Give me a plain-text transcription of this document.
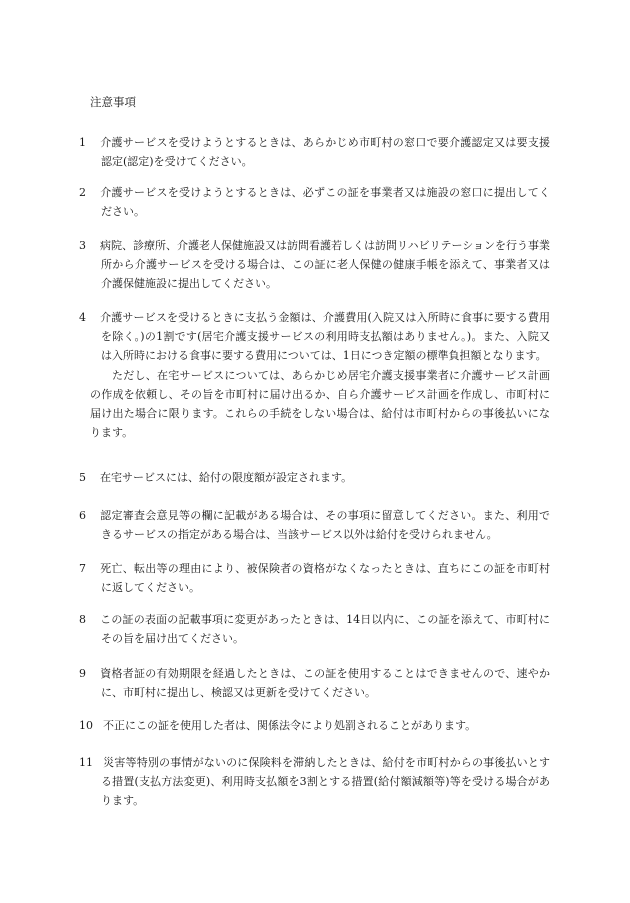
注意事項

1 介護サービスを受けようとするときは、あらかじめ市町村の窓口で要介護認定又は要支援認定(認定)を受けてください。

2 介護サービスを受けようとするときは、必ずこの証を事業者又は施設の窓口に提出してください。

3 病院、診療所、介護老人保健施設又は訪問看護若しくは訪問リハビリテーションを行う事業所から介護サービスを受ける場合は、この証に老人保健の健康手帳を添えて、事業者又は介護保健施設に提出してください。

4 介護サービスを受けるときに支払う金額は、介護費用(入院又は入所時に食事に要する費用を除く。)の1割です(居宅介護支援サービスの利用時支払額はありません。)。また、入院又は入所時における食事に要する費用については、1日につき定額の標準負担額となります。

ただし、在宅サービスについては、あらかじめ居宅介護支援事業者に介護サービス計画の作成を依頼し、その旨を市町村に届け出るか、自ら介護サービス計画を作成し、市町村に届け出た場合に限ります。これらの手続をしない場合は、給付は市町村からの事後払いになります。

5 在宅サービスには、給付の限度額が設定されます。

6 認定審査会意見等の欄に記載がある場合は、その事項に留意してください。また、利用できるサービスの指定がある場合は、当該サービス以外は給付を受けられません。

7 死亡、転出等の理由により、被保険者の資格がなくなったときは、直ちにこの証を市町村に返してください。

8 この証の表面の記載事項に変更があったときは、14日以内に、この証を添えて、市町村にその旨を届け出てください。

9 資格者証の有効期限を経過したときは、この証を使用することはできませんので、速やかに、市町村に提出し、検認又は更新を受けてください。

10 不正にこの証を使用した者は、関係法令により処罰されることがあります。

11 災害等特別の事情がないのに保険料を滞納したときは、給付を市町村からの事後払いとする措置(支払方法変更)、利用時支払額を3割とする措置(給付額減額等)等を受ける場合があります。
